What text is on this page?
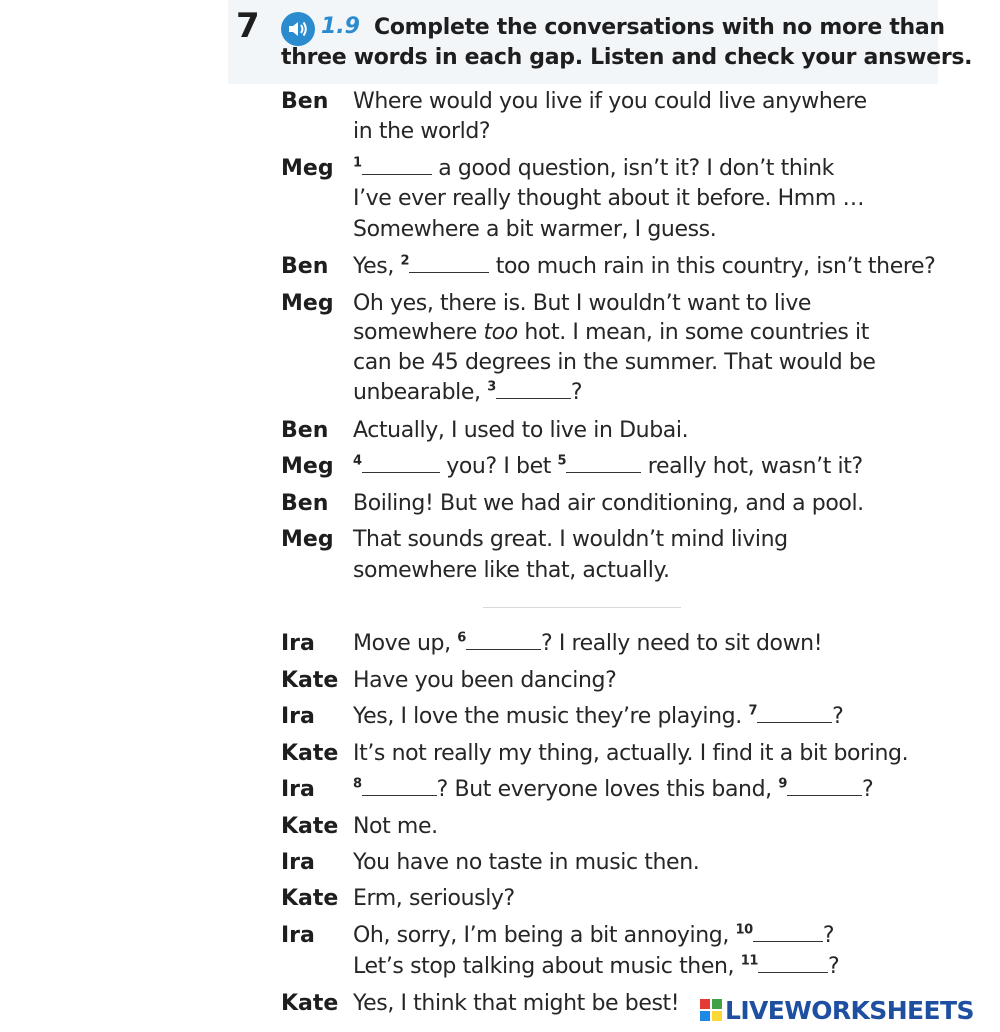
7	1.9 Complete the conversations with no more than
three words in each gap. Listen and check your answers.
Ben Where would you live if you could live anywhere
in the world?
Meg $^1$	a good question, isn’t it? I don’t think
I’ve ever really thought about it before. Hmm …
Somewhere a bit warmer, I guess.
Ben Yes, $^2$	too much rain in this country, isn’t there?
Meg Oh yes, there is. But I wouldn’t want to live
somewhere too hot. I mean, in some countries it
can be 45 degrees in the summer. That would be
unbearable, $^3$	?
Ben Actually, I used to live in Dubai.
Meg $^4$	you? I bet $^5$	really hot, wasn’t it?
Ben Boiling! But we had air conditioning, and a pool.
Meg That sounds great. I wouldn’t mind living
somewhere like that, actually.
Ira Move up, $^6$	? I really need to sit down!
Kate Have you been dancing?
Ira Yes, I love the music they’re playing. $^7$	?
Kate It’s not really my thing, actually. I find it a bit boring.
Ira	$^8$	? But everyone loves this band, $^9$	?
Kate Not me.
Ira You have no taste in music then.
Kate Erm, seriously?
Ira Oh, sorry, I’m being a bit annoying, $^{10}$	?
Let’s stop talking about music then, $^{11}$	?
Kate Yes, I think that might be best! LIVEWORKSHEETS
